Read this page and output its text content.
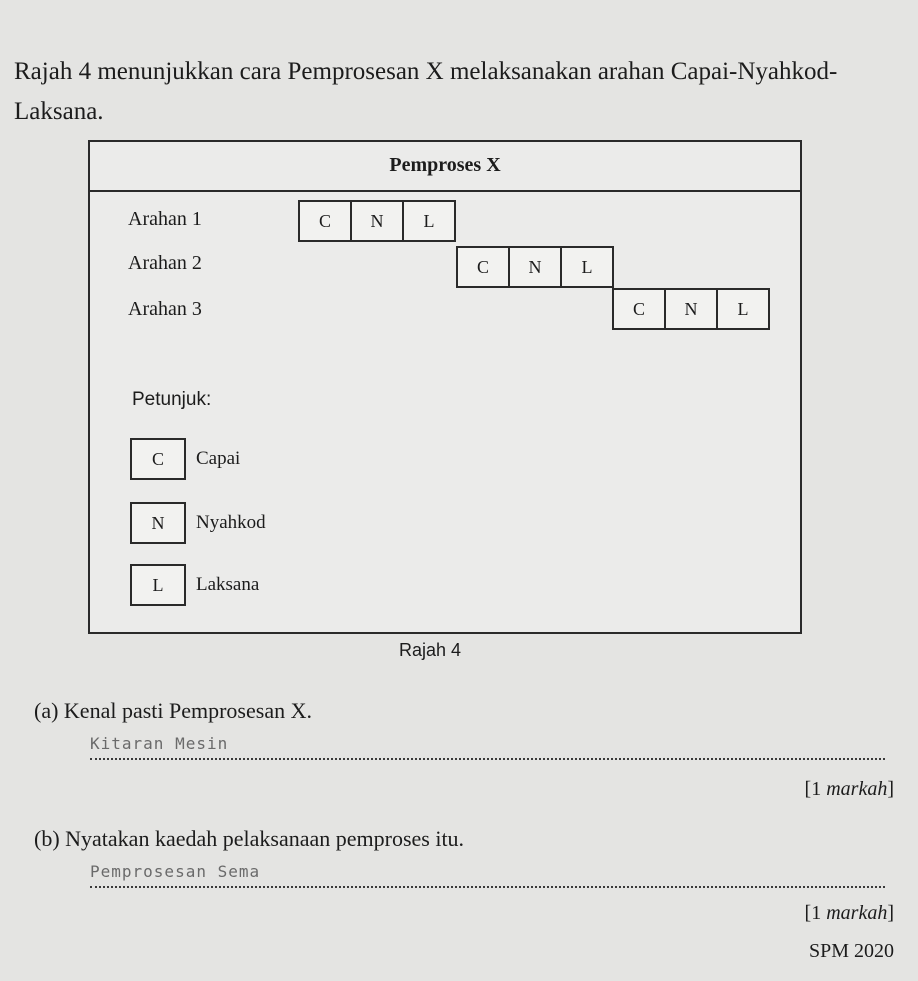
Rajah 4 menunjukkan cara Pemprosesan X melaksanakan arahan Capai-Nyahkod-
Laksana.
Pemproses X
Arahan 1	C	N	L
Arahan 2	C	N	L
Arahan 3	C	N	L
Petunjuk:
C	Capai
N	Nyahkod
L	Laksana
Rajah 4
(a) Kenal pasti Pemprosesan X.
Kitaran Mesin
[1 markah]
(b) Nyatakan kaedah pelaksanaan pemproses itu.
Pemprosesan Sema
[1 markah]
SPM 2020
